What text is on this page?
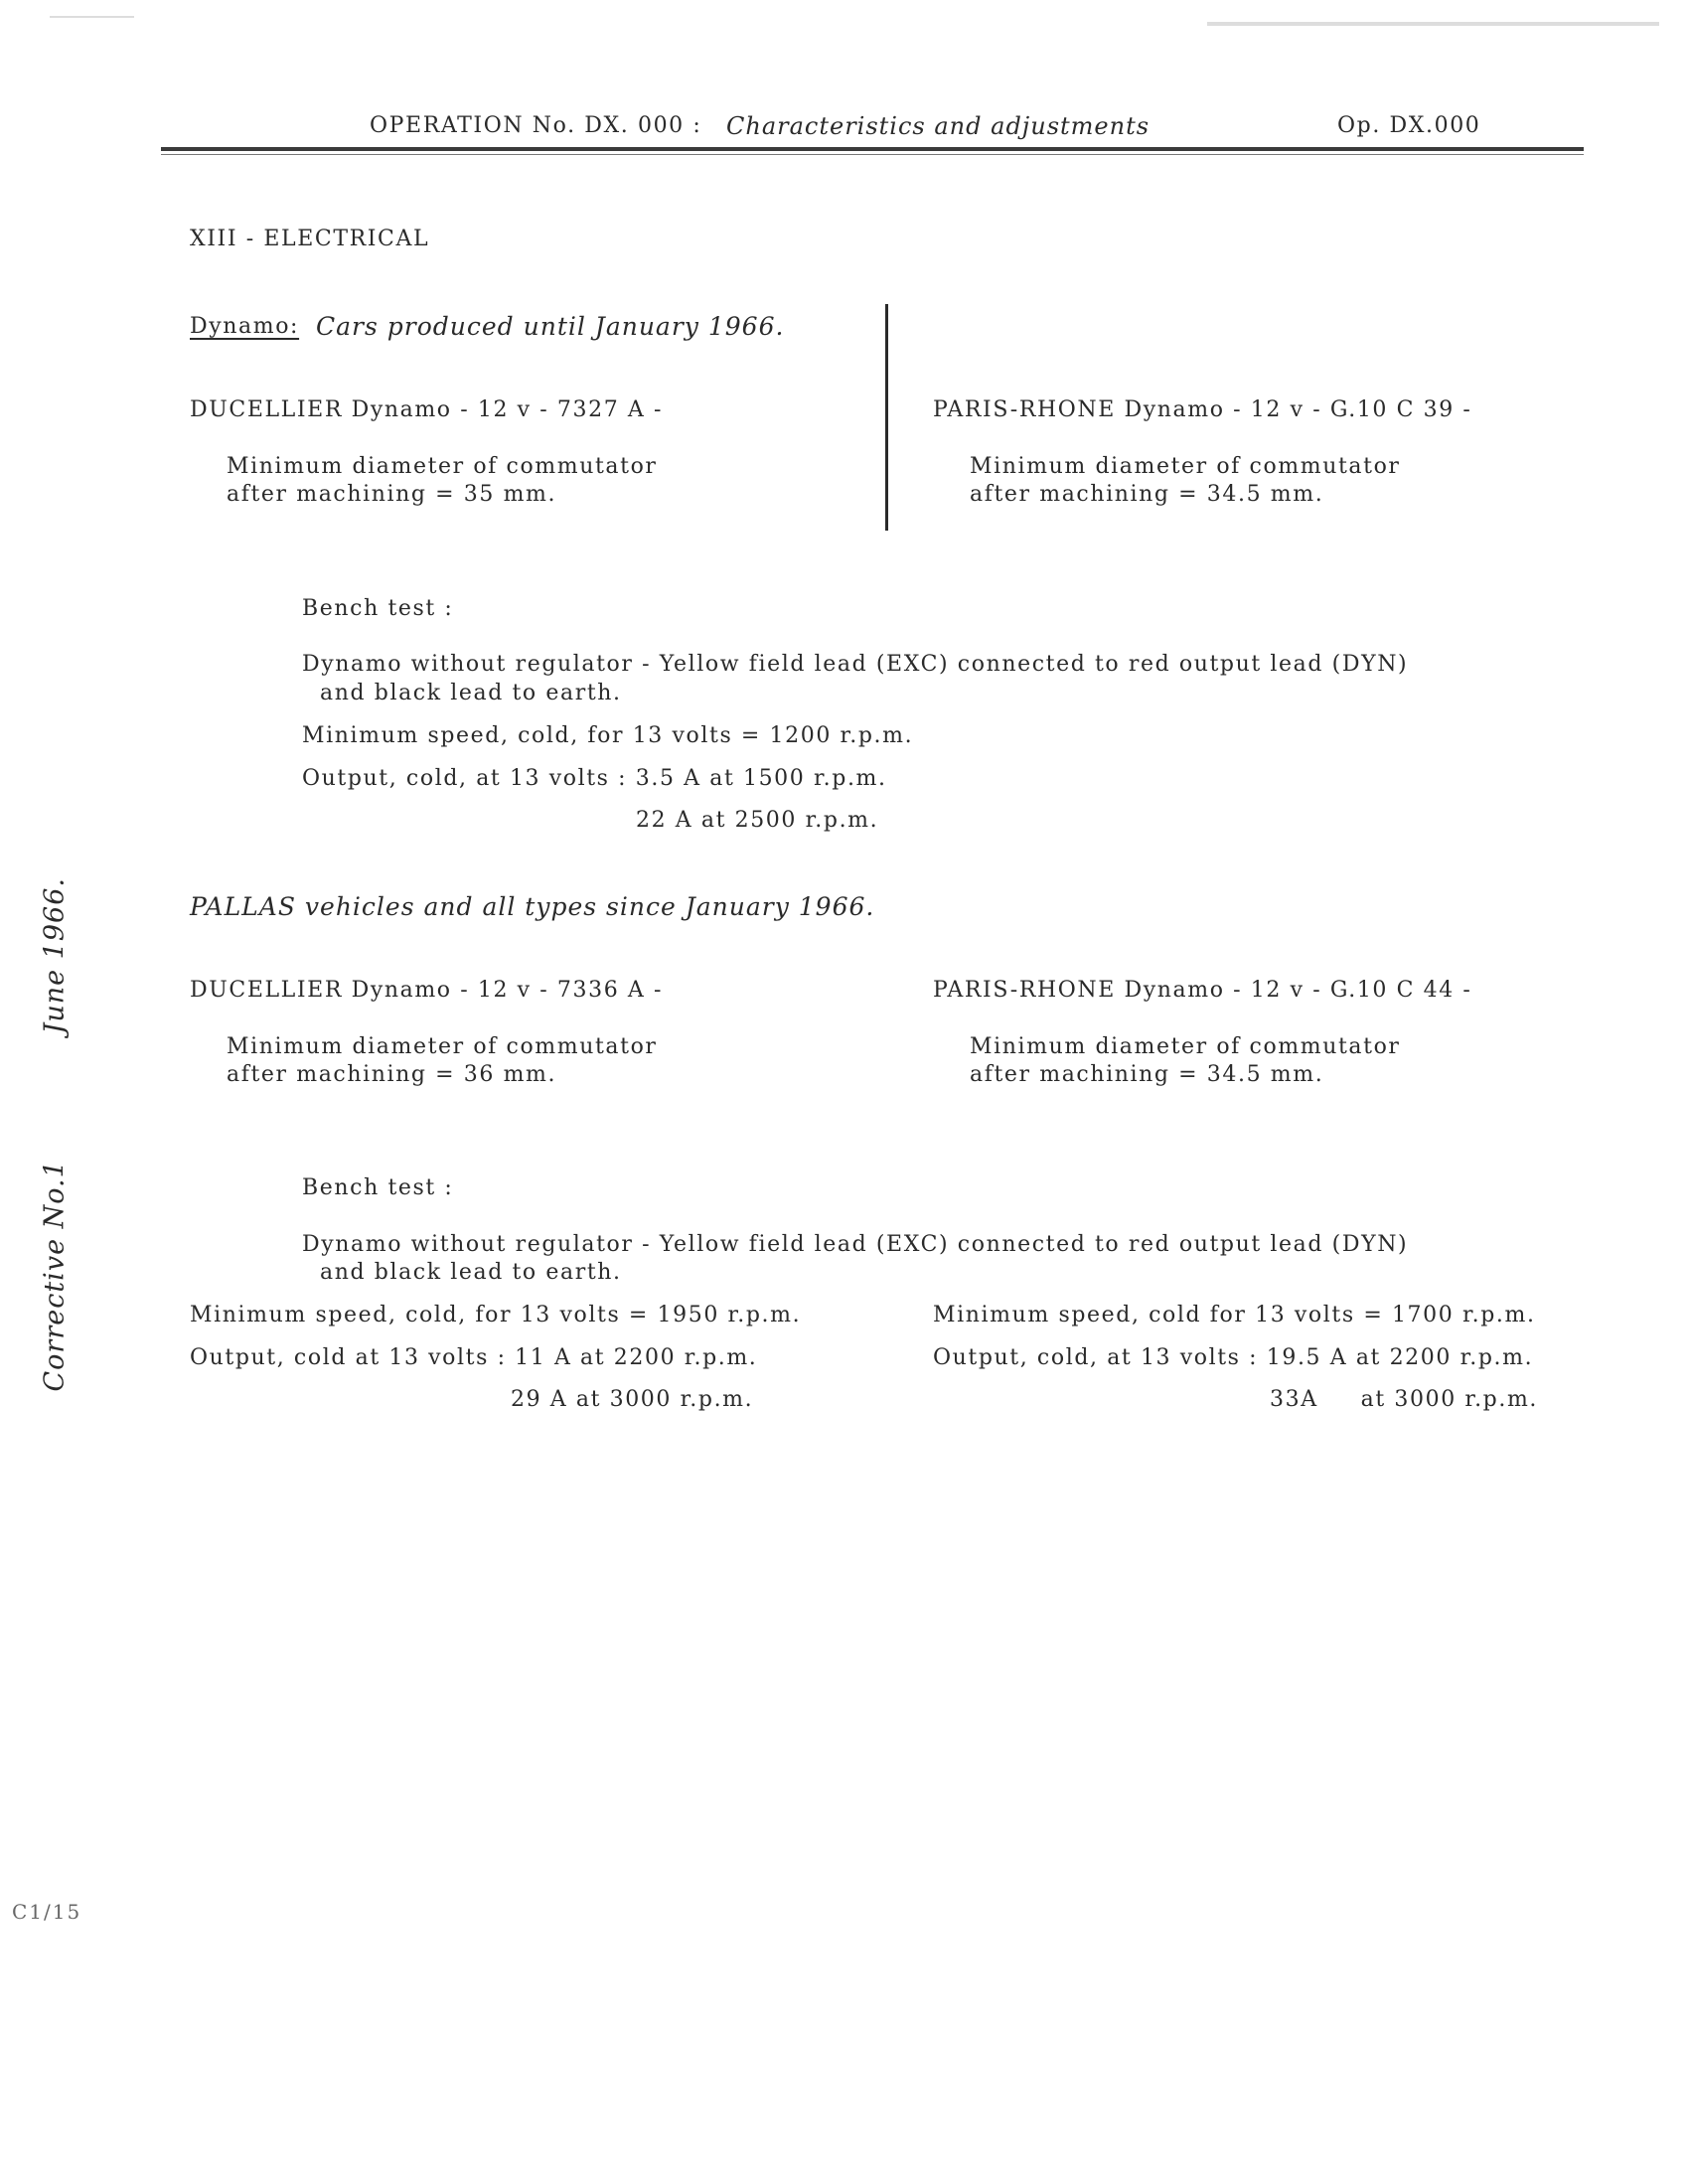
OPERATION No. DX. 000 : Characteristics and adjustments	Op. DX.000
XIII - ELECTRICAL
Dynamo: Cars produced until January 1966.
DUCELLIER Dynamo - 12 v - 7327 A -
Minimum diameter of commutator
after machining = 35 mm.
PARIS-RHONE Dynamo - 12 v - G.10 C 39 -
Minimum diameter of commutator
after machining = 34.5 mm.
Bench test :
Dynamo without regulator - Yellow field lead (EXC) connected to red output lead (DYN)
and black lead to earth.
Minimum speed, cold, for 13 volts = 1200 r.p.m.
Output, cold, at 13 volts : 3.5 A at 1500 r.p.m.
22 A at 2500 r.p.m.
PALLAS vehicles and all types since January 1966.
DUCELLIER Dynamo - 12 v - 7336 A -
Minimum diameter of commutator
after machining = 36 mm.
PARIS-RHONE Dynamo - 12 v - G.10 C 44 -
Minimum diameter of commutator
after machining = 34.5 mm.
Bench test :
Dynamo without regulator - Yellow field lead (EXC) connected to red output lead (DYN)
and black lead to earth.
Minimum speed, cold, for 13 volts = 1950 r.p.m.
Output, cold at 13 volts : 11 A at 2200 r.p.m.
29 A at 3000 r.p.m.
Minimum speed, cold for 13 volts = 1700 r.p.m.
Output, cold, at 13 volts : 19.5 A at 2200 r.p.m.
33A     at 3000 r.p.m.
June 1966.
Corrective No.1
C1/15
